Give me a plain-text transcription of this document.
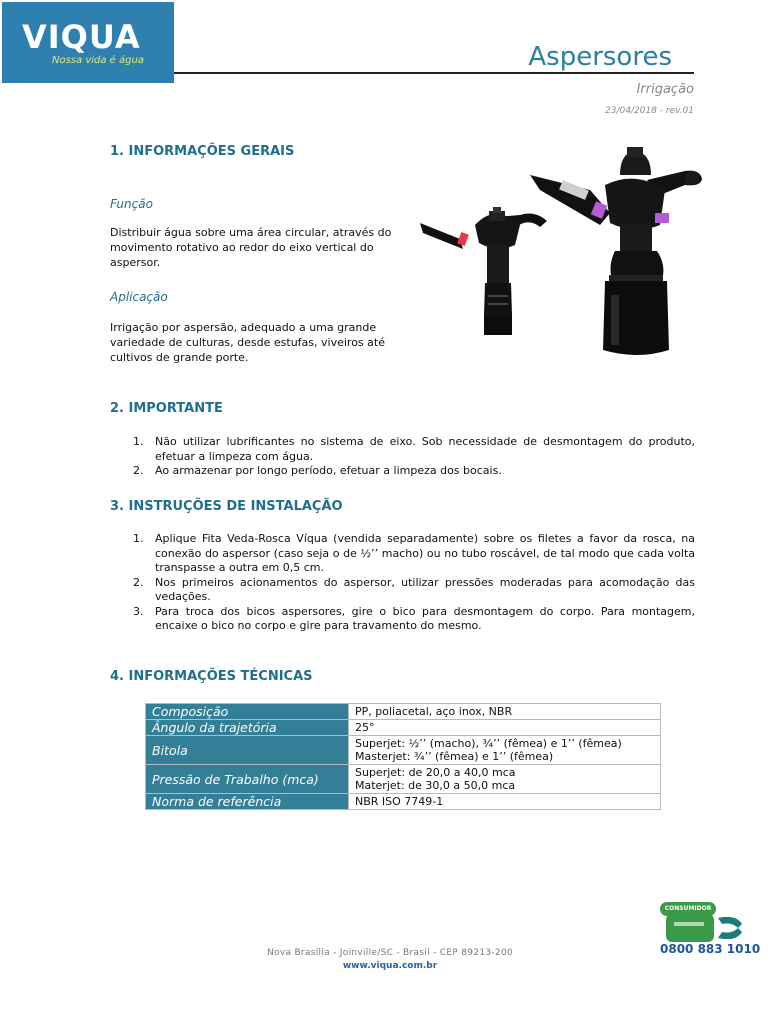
VIQUA
Nossa vida é água	Aspersores
Irrigação
23/04/2018 - rev.01
1. INFORMAÇÕES GERAIS
Função
Distribuir água sobre uma área circular, através do movimento rotativo ao redor do eixo vertical do aspersor.
Aplicação
Irrigação por aspersão, adequado a uma grande variedade de culturas, desde estufas, viveiros até cultivos de grande porte.
2. IMPORTANTE
1. Não utilizar lubrificantes no sistema de eixo. Sob necessidade de desmontagem do produto, efetuar a limpeza com água.
2. Ao armazenar por longo período, efetuar a limpeza dos bocais.
3. INSTRUÇÕES DE INSTALAÇÃO
1. Aplique Fita Veda-Rosca Víqua (vendida separadamente) sobre os filetes a favor da rosca, na conexão do aspersor (caso seja o de ½’’ macho) ou no tubo roscável, de tal modo que cada volta transpasse a outra em 0,5 cm.
2. Nos primeiros acionamentos do aspersor, utilizar pressões moderadas para acomodação das vedações.
3. Para troca dos bicos aspersores, gire o bico para desmontagem do corpo. Para montagem, encaixe o bico no corpo e gire para travamento do mesmo.
4. INFORMAÇÕES TÉCNICAS
Composição	PP, poliacetal, aço inox, NBR

Ângulo da trajetória	25°

Bitola	Superjet: ½’’ (macho), ¾’’ (fêmea) e 1’’ (fêmea)
Masterjet: ¾’’ (fêmea) e 1’’ (fêmea)

Pressão de Trabalho (mca)	Superjet: de 20,0 a 40,0 mca
Materjet: de 30,0 a 50,0 mca

Norma de referência	NBR ISO 7749-1
Nova Brasília - Joinville/SC - Brasil - CEP 89213-200
www.viqua.com.br
CONSUMIDOR
0800 883 1010
